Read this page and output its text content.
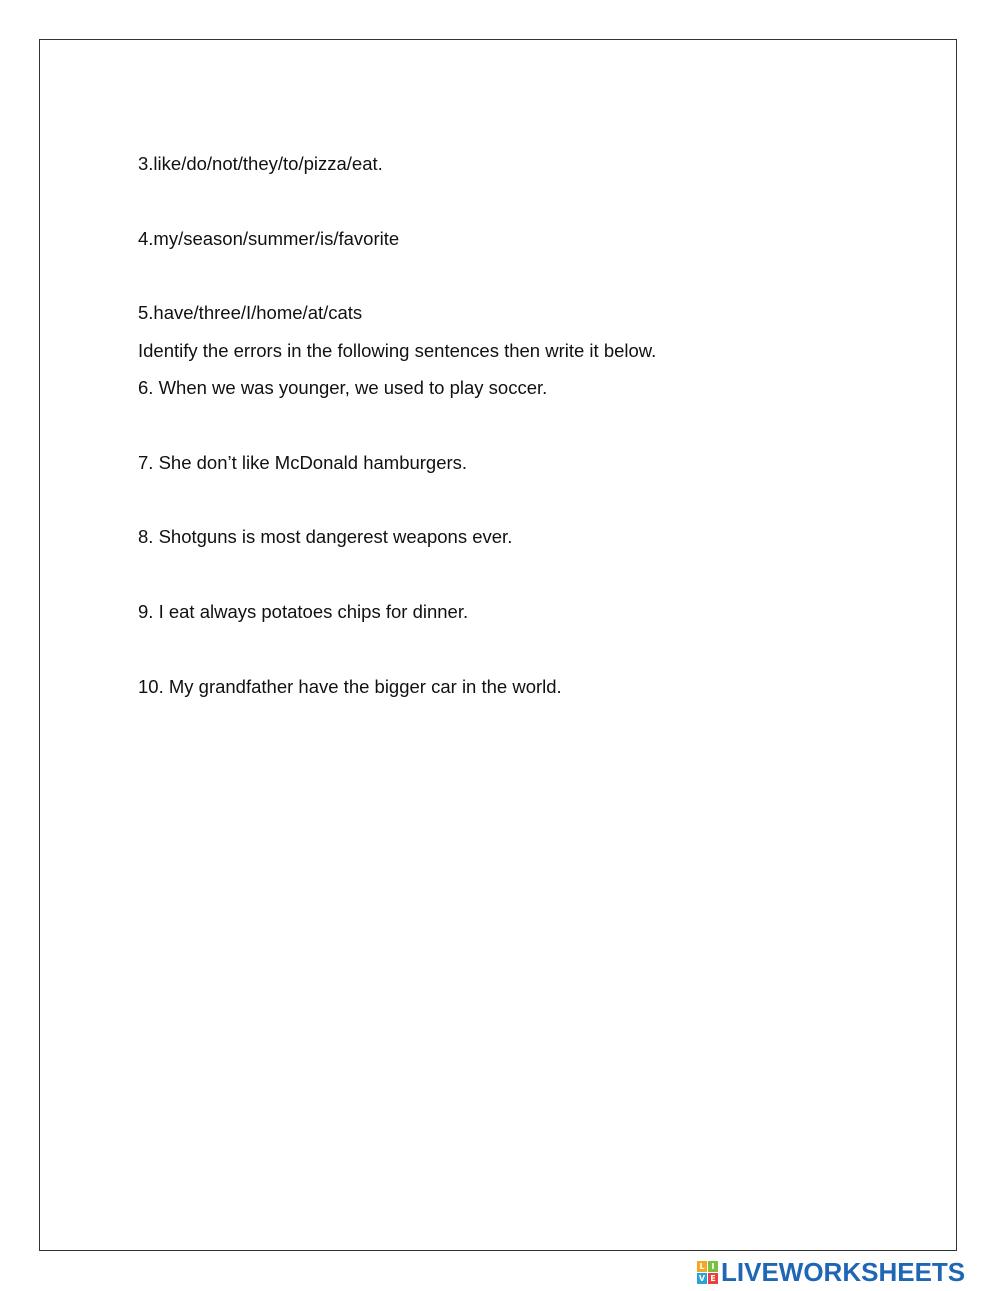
3.like/do/not/they/to/pizza/eat.
4.my/season/summer/is/favorite
5.have/three/I/home/at/cats
Identify the errors in the following sentences then write it below.
6. When we was younger, we used to play soccer.
7. She don’t like McDonald hamburgers.
8. Shotguns is most dangerest weapons ever.
9. I eat always potatoes chips for dinner.
10. My grandfather have the bigger car in the world.
L I
V E LIVEWORKSHEETS
